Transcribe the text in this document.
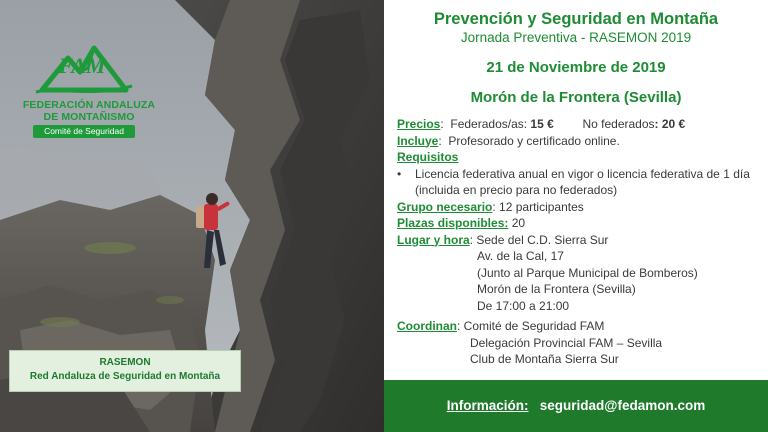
FAM
FEDERACIÓN ANDALUZA
DE MONTAÑISMO
Comité de Seguridad
RASEMON
Red Andaluza de Seguridad en Montaña
Prevención y Seguridad en Montaña
Jornada Preventiva - RASEMON 2019
21 de Noviembre de 2019
Morón de la Frontera (Sevilla)
Precios:  Federados/as: 15 € No federados: 20 €
Incluye:  Profesorado y certificado online.
Requisitos
•	Licencia federativa anual en vigor o licencia federativa de 1 día (incluida en precio para no federados)
Grupo necesario: 12 participantes
Plazas disponibles: 20
Lugar y hora: Sede del C.D. Sierra Sur
Av. de la Cal, 17
(Junto al Parque Municipal de Bomberos)
Morón de la Frontera (Sevilla)
De 17:00 a 21:00
Coordinan: Comité de Seguridad FAM
Delegación Provincial FAM – Sevilla
Club de Montaña Sierra Sur
Información: seguridad@fedamon.com
